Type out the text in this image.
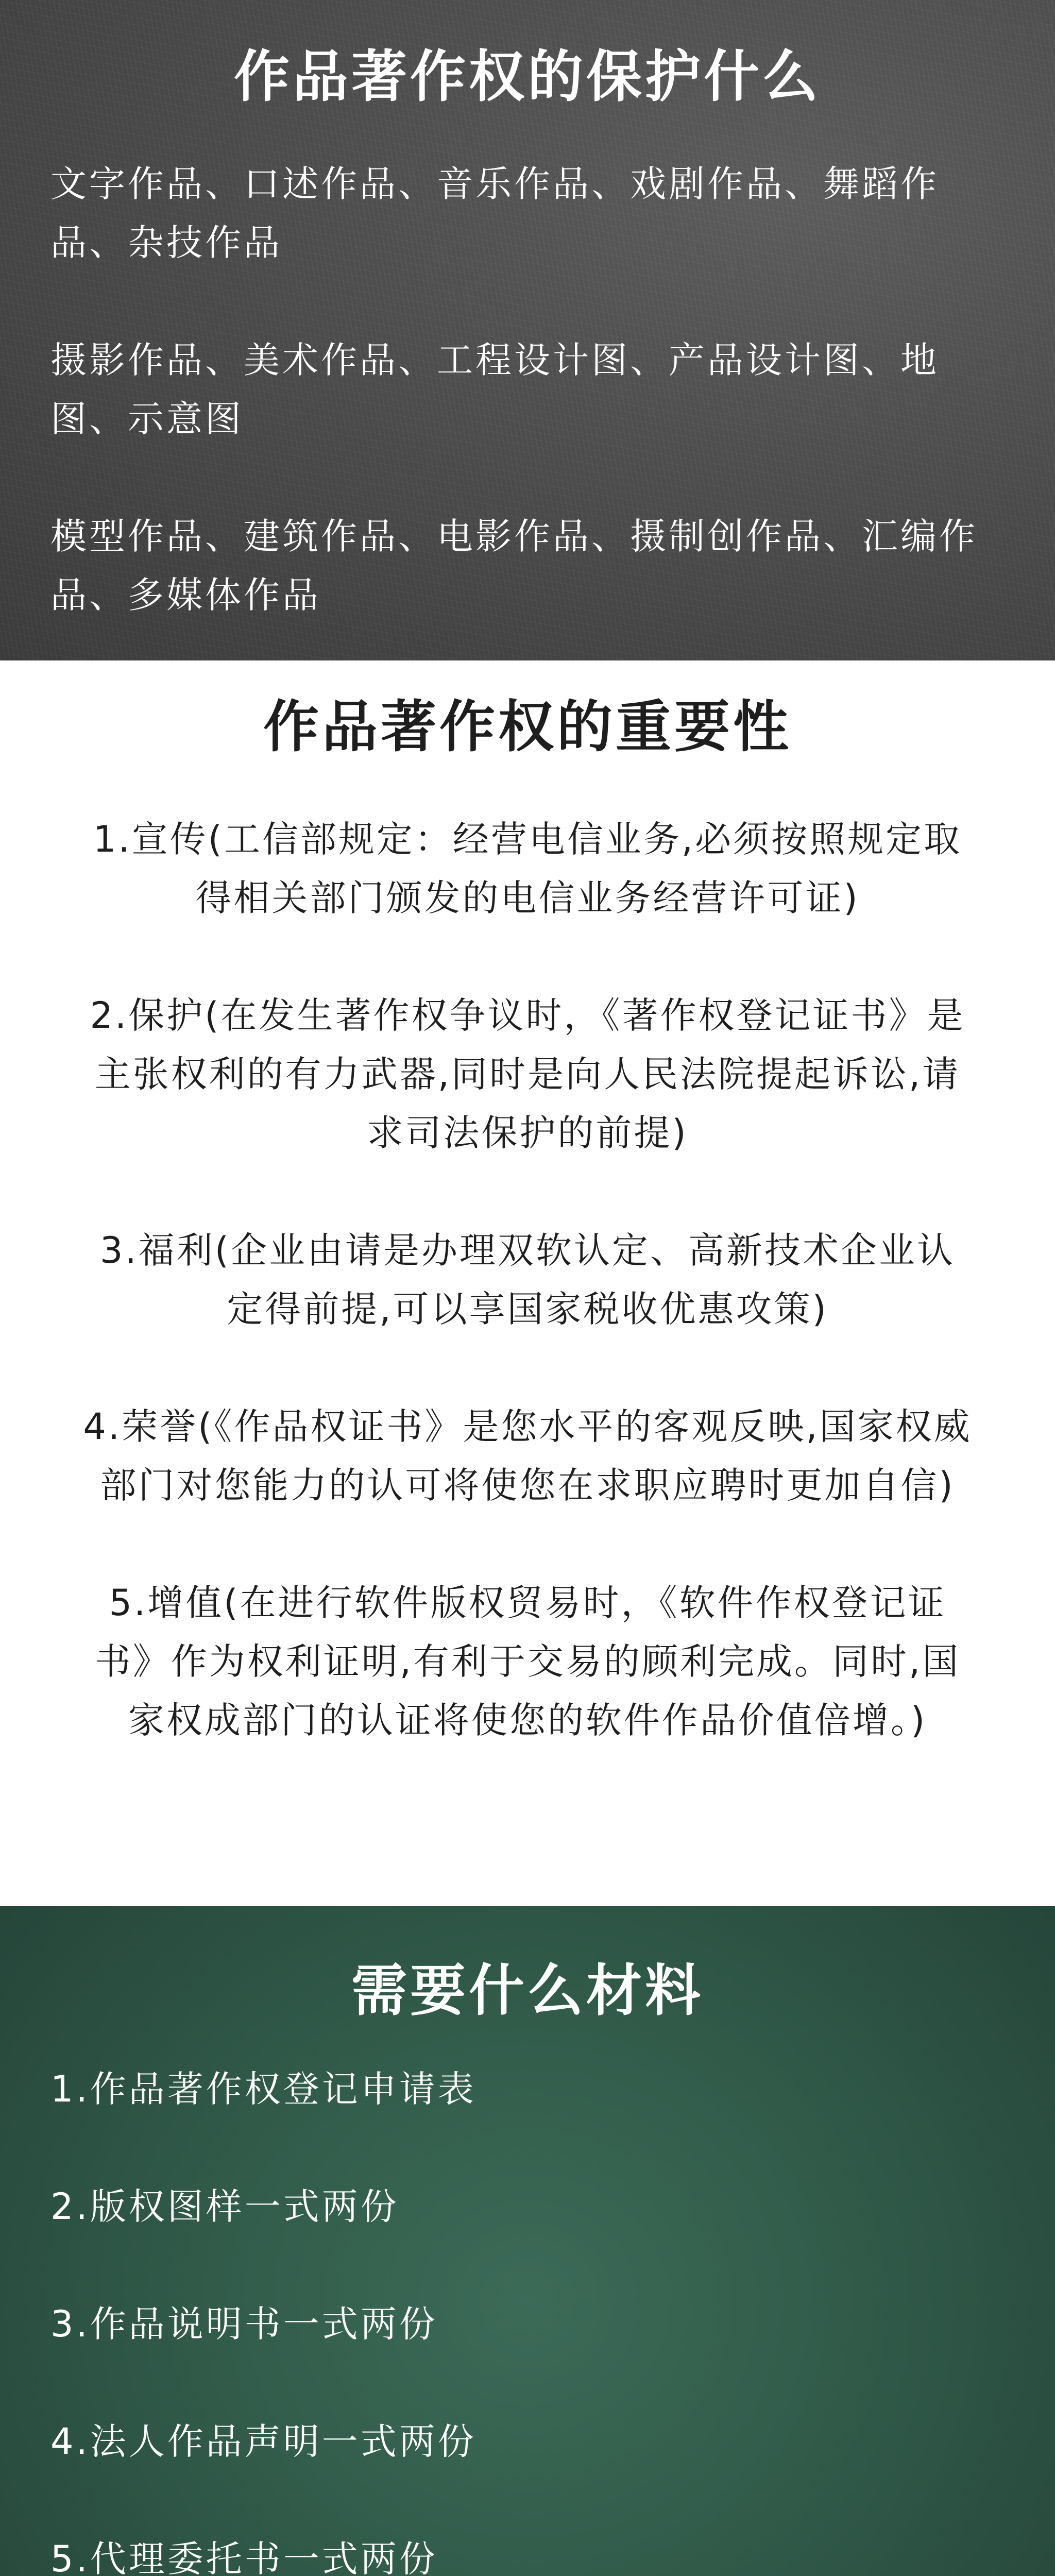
作品著作权的保护什么
文字作品、口述作品、音乐作品、戏剧作品、舞蹈作品、杂技作品
摄影作品、美术作品、工程设计图、产品设计图、地图、示意图
模型作品、建筑作品、电影作品、摄制创作品、汇编作品、多媒体作品
作品著作权的重要性
1.宣传(工信部规定：经营电信业务,必须按照规定取得相关部门颁发的电信业务经营许可证)
2.保护(在发生著作权争议时，《著作权登记证书》是主张权利的有力武器,同时是向人民法院提起诉讼,请求司法保护的前提)
3.福利(企业由请是办理双软认定、高新技术企业认定得前提,可以享国家税收优惠攻策)
4.荣誉(《作品权证书》是您水平的客观反映,国家权威部门对您能力的认可将使您在求职应聘时更加自信)
5.增值(在进行软件版权贸易时，《软件作权登记证书》作为权利证明,有利于交易的顾利完成。同时,国家权成部门的认证将使您的软件作品价值倍增。)
需要什么材料
1.作品著作权登记申请表
2.版权图样一式两份
3.作品说明书一式两份
4.法人作品声明一式两份
5.代理委托书一式两份
